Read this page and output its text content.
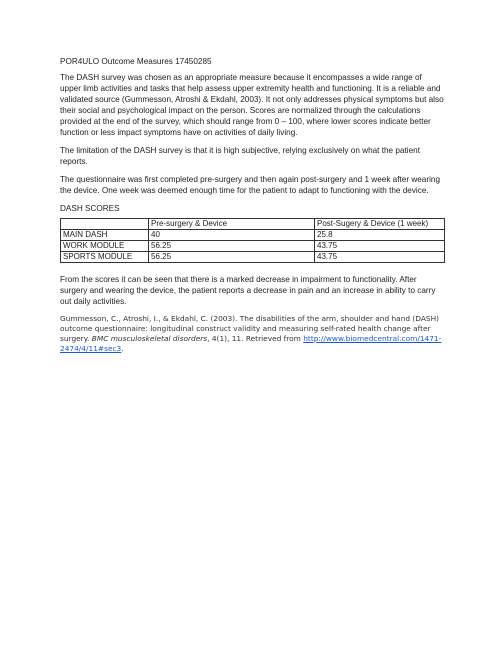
POR4ULO Outcome Measures 17450285

The DASH survey was chosen as an appropriate measure because it encompasses a wide range of upper limb activities and tasks that help assess upper extremity health and functioning. It is a reliable and validated source (Gummesson, Atroshi & Ekdahl, 2003). It not only addresses physical symptoms but also their social and psychological impact on the person. Scores are normalized through the calculations provided at the end of the survey, which should range from 0 – 100, where lower scores indicate better function or less impact symptoms have on activities of daily living.

The limitation of the DASH survey is that it is high subjective, relying exclusively on what the patient reports.

The questionnaire was first completed pre-surgery and then again post-surgery and 1 week after wearing the device. One week was deemed enough time for the patient to adapt to functioning with the device.

DASH SCORES

	Pre-surgery & Device	Post-Sugery & Device (1 week)
MAIN DASH	40	25.8
WORK MODULE	56.25	43.75
SPORTS MODULE	56.25	43.75

From the scores it can be seen that there is a marked decrease in impairment to functionality. After surgery and wearing the device, the patient reports a decrease in pain and an increase in ability to carry out daily activities.

Gummesson, C., Atroshi, I., & Ekdahl, C. (2003). The disabilities of the arm, shoulder and hand (DASH) outcome questionnaire: longitudinal construct validity and measuring self-rated health change after surgery. BMC musculoskeletal disorders, 4(1), 11. Retrieved from http://www.biomedcentral.com/1471-2474/4/11#sec3.
